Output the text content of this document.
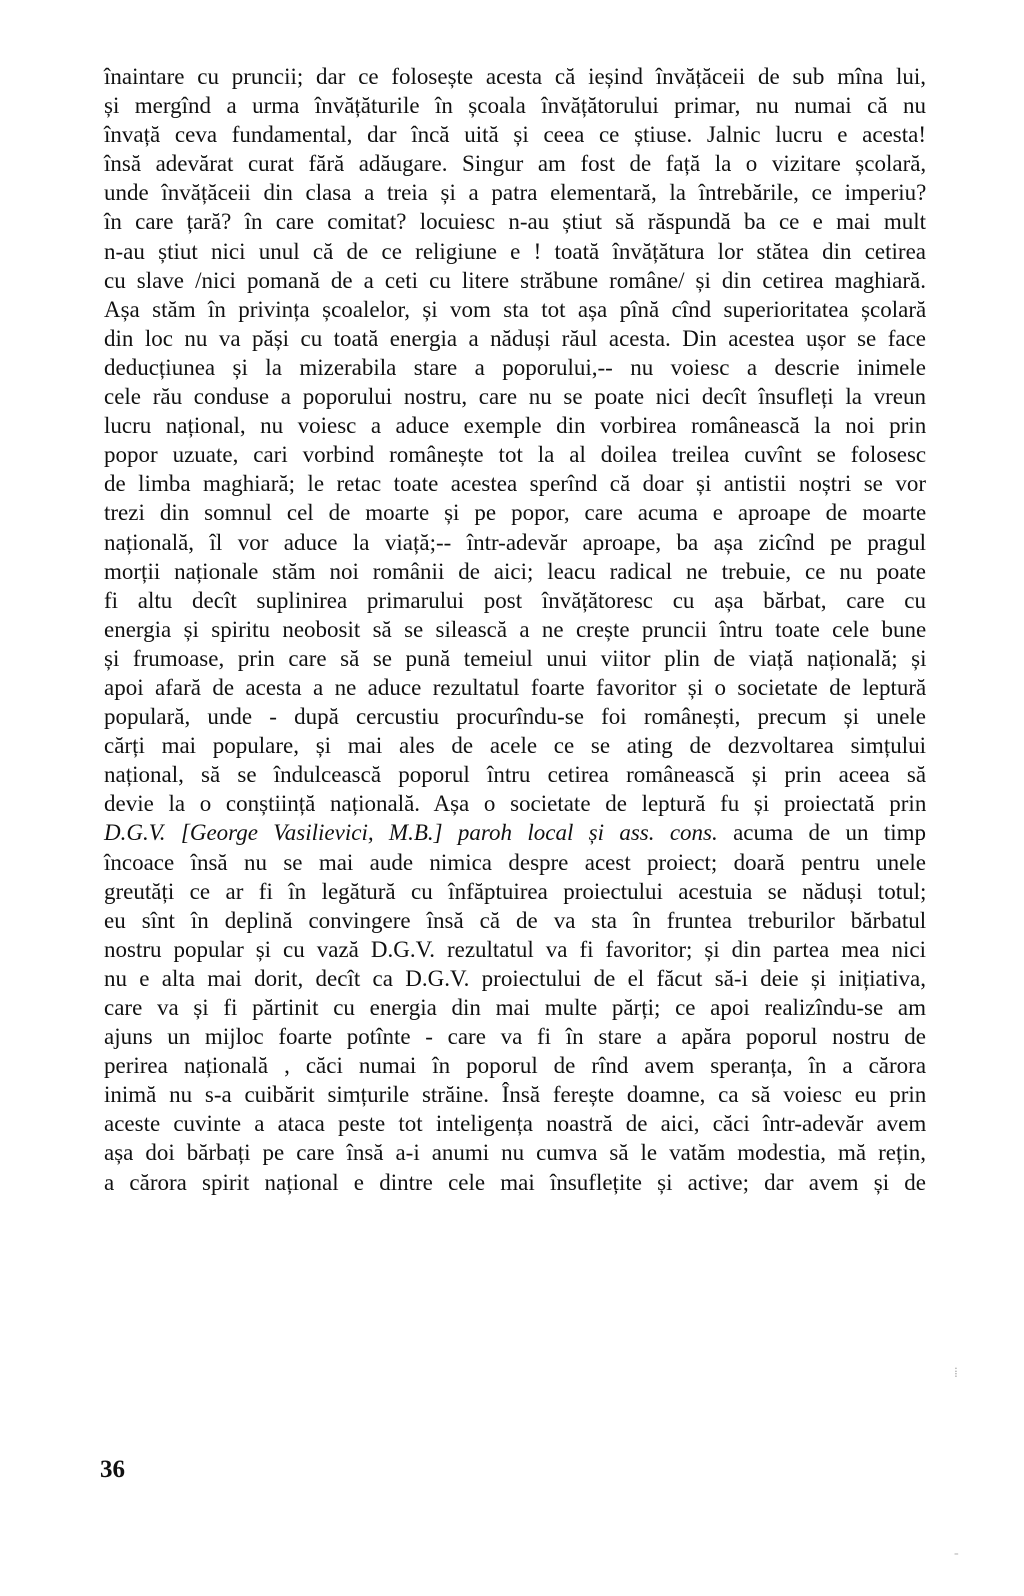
înaintare cu pruncii; dar ce folosește acesta că ieșind învățăceii de sub mîna lui,
și mergînd a urma învățăturile în școala învățătorului primar, nu numai că nu
învață ceva fundamental, dar încă uită și ceea ce știuse. Jalnic lucru e acesta!
însă adevărat curat fără adăugare. Singur am fost de față la o vizitare școlară,
unde învățăceii din clasa a treia și a patra elementară, la întrebările, ce imperiu?
în care țară? în care comitat? locuiesc n-au știut să răspundă ba ce e mai mult
n-au știut nici unul că de ce religiune e ! toată învățătura lor stătea din cetirea
cu slave /nici pomană de a ceti cu litere străbune române/ și din cetirea maghiară.
Așa stăm în privința școalelor, și vom sta tot așa pînă cînd superioritatea școlară
din loc nu va păși cu toată energia a năduși răul acesta. Din acestea ușor se face
deducțiunea și la mizerabila stare a poporului,-- nu voiesc a descrie inimele
cele rău conduse a poporului nostru, care nu se poate nici decît însufleți la vreun
lucru național, nu voiesc a aduce exemple din vorbirea românească la noi prin
popor uzuate, cari vorbind românește tot la al doilea treilea cuvînt se folosesc
de limba maghiară; le retac toate acestea sperînd că doar și antistii noștri se vor
trezi din somnul cel de moarte și pe popor, care acuma e aproape de moarte
națională, îl vor aduce la viață;-- într-adevăr aproape, ba așa zicînd pe pragul
morții naționale stăm noi românii de aici; leacu radical ne trebuie, ce nu poate
fi altu decît suplinirea primarului post învățătoresc cu așa bărbat, care cu
energia și spiritu neobosit să se silească a ne crește pruncii întru toate cele bune
și frumoase, prin care să se pună temeiul unui viitor plin de viață națională; și
apoi afară de acesta a ne aduce rezultatul foarte favoritor și o societate de leptură
populară, unde - după cercustiu procurîndu-se foi românești, precum și unele
cărți mai populare, și mai ales de acele ce se ating de dezvoltarea simțului
național, să se îndulcească poporul întru cetirea românească și prin aceea să
devie la o conștiință națională. Așa o societate de leptură fu și proiectată prin
D.G.V. [George Vasilievici, M.B.] paroh local și ass. cons. acuma de un timp
încoace însă nu se mai aude nimica despre acest proiect; doară pentru unele
greutăți ce ar fi în legătură cu înfăptuirea proiectului acestuia se năduși totul;
eu sînt în deplină convingere însă că de va sta în fruntea treburilor bărbatul
nostru popular și cu vază D.G.V. rezultatul va fi favoritor; și din partea mea nici
nu e alta mai dorit, decît ca D.G.V. proiectului de el făcut să-i deie și inițiativa,
care va și fi părtinit cu energia din mai multe părți; ce apoi realizîndu-se am
ajuns un mijloc foarte potînte - care va fi în stare a apăra poporul nostru de
perirea națională , căci numai în poporul de rînd avem speranța, în a cărora
inimă nu s-a cuibărit simțurile străine. Însă ferește doamne, ca să voiesc eu prin
aceste cuvinte a ataca peste tot inteligența noastră de aici, căci într-adevăr avem
așa doi bărbați pe care însă a-i anumi nu cumva să le vatăm modestia, mă rețin,
a cărora spirit național e dintre cele mai însuflețite și active; dar avem și de
36
⁞
-
